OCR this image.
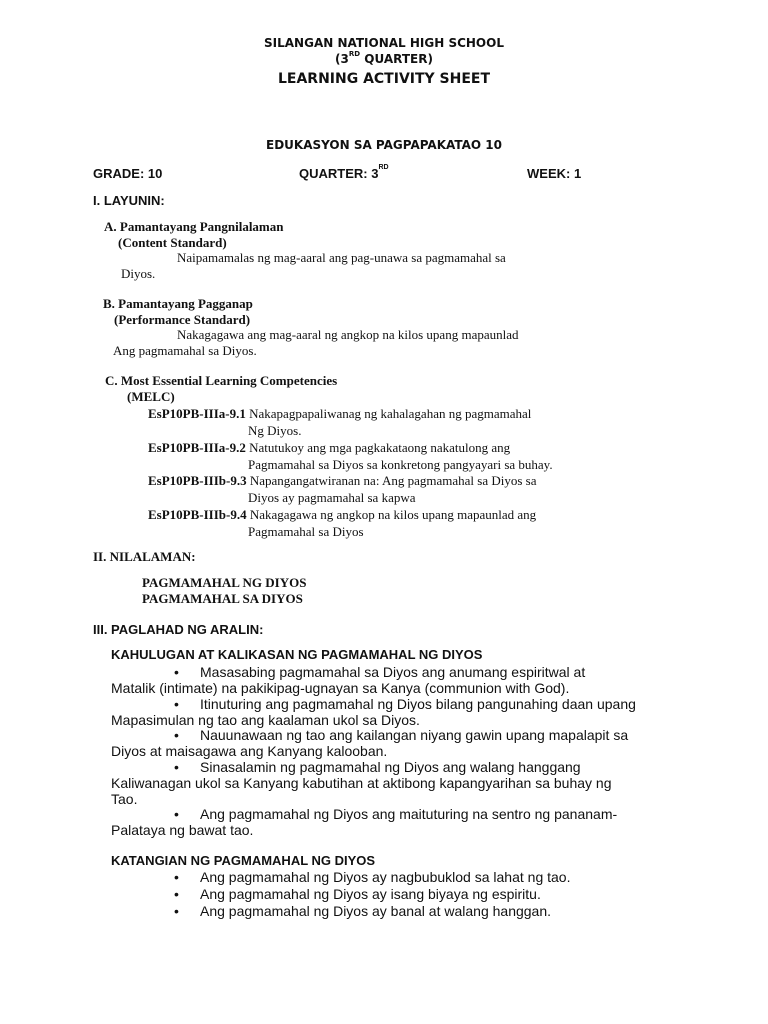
SILANGAN NATIONAL HIGH SCHOOL
(3RD QUARTER)
LEARNING ACTIVITY SHEET
EDUKASYON SA PAGPAPAKATAO 10
GRADE: 10	QUARTER: 3RD	WEEK: 1
I. LAYUNIN:
A. Pamantayang Pangnilalaman
(Content Standard)
Naipamamalas ng mag-aaral ang pag-unawa sa pagmamahal sa
Diyos.
B. Pamantayang Pagganap
(Performance Standard)
Nakagagawa ang mag-aaral ng angkop na kilos upang mapaunlad
Ang pagmamahal sa Diyos.
C. Most Essential Learning Competencies
(MELC)
EsP10PB-IIIa-9.1 Nakapagpapaliwanag ng kahalagahan ng pagmamahal
Ng Diyos.
EsP10PB-IIIa-9.2 Natutukoy ang mga pagkakataong nakatulong ang
Pagmamahal sa Diyos sa konkretong pangyayari sa buhay.
EsP10PB-IIIb-9.3 Napangangatwiranan na: Ang pagmamahal sa Diyos sa
Diyos ay pagmamahal sa kapwa
EsP10PB-IIIb-9.4 Nakagagawa ng angkop na kilos upang mapaunlad ang
Pagmamahal sa Diyos
II. NILALAMAN:
PAGMAMAHAL NG DIYOS
PAGMAMAHAL SA DIYOS
III. PAGLAHAD NG ARALIN:
KAHULUGAN AT KALIKASAN NG PAGMAMAHAL NG DIYOS
• Masasabing pagmamahal sa Diyos ang anumang espiritwal at
Matalik (intimate) na pakikipag-ugnayan sa Kanya (communion with God).
• Itinuturing ang pagmamahal ng Diyos bilang pangunahing daan upang
Mapasimulan ng tao ang kaalaman ukol sa Diyos.
• Nauunawaan ng tao ang kailangan niyang gawin upang mapalapit sa
Diyos at maisagawa ang Kanyang kalooban.
• Sinasalamin ng pagmamahal ng Diyos ang walang hanggang
Kaliwanagan ukol sa Kanyang kabutihan at aktibong kapangyarihan sa buhay ng
Tao.
• Ang pagmamahal ng Diyos ang maituturing na sentro ng pananam-
Palataya ng bawat tao.
KATANGIAN NG PAGMAMAHAL NG DIYOS
• Ang pagmamahal ng Diyos ay nagbubuklod sa lahat ng tao.
• Ang pagmamahal ng Diyos ay isang biyaya ng espiritu.
• Ang pagmamahal ng Diyos ay banal at walang hanggan.
